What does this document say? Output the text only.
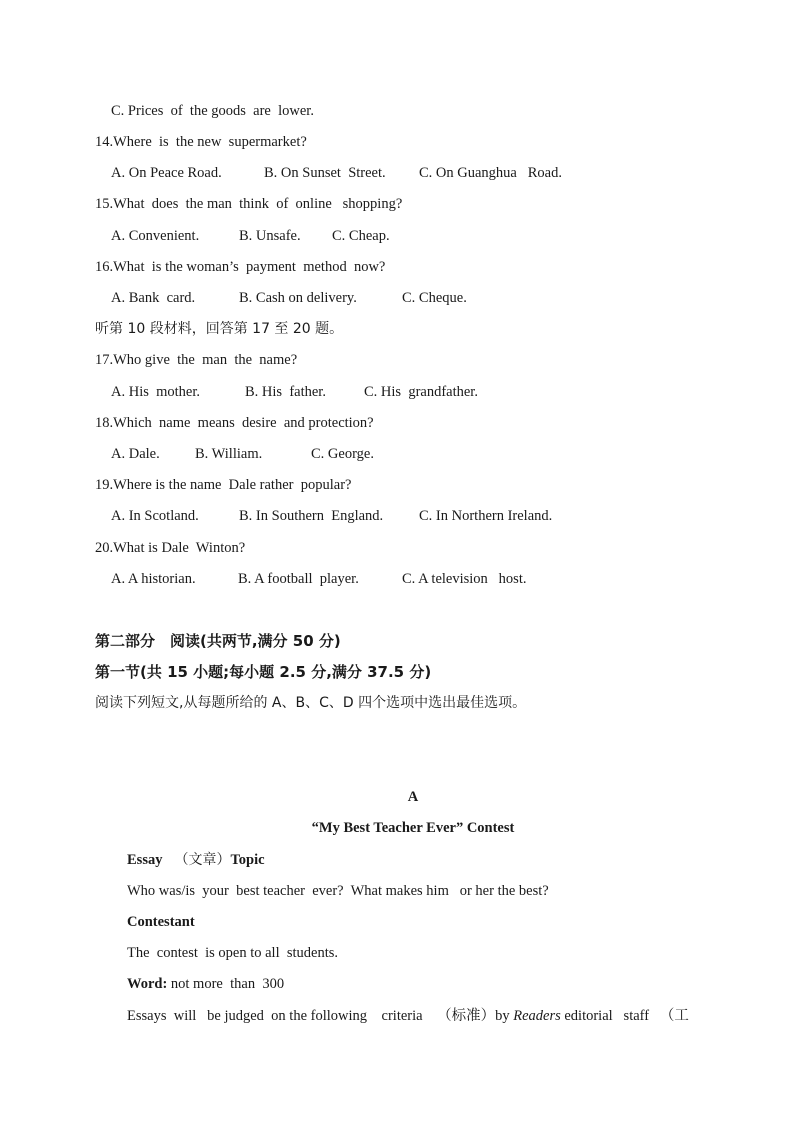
C. Prices  of  the goods  are  lower.
14.Where  is  the new  supermarket?
A. On Peace Road.	B. On Sunset  Street. C. On Guanghua   Road.
15.What  does  the man  think  of  online   shopping?
A. Convenient.	B. Unsafe. C. Cheap.
16.What  is the woman’s  payment  method  now?
A. Bank  card.	B. Cash on delivery.	C. Cheque.
听第 10 段材料，回答第 17 至 20 题。
17.Who give  the  man  the  name?
A. His  mother.	B. His  father.	C. His  grandfather.
18.Which  name  means  desire  and protection?
A. Dale. B. William.	C. George.
19.Where is the name  Dale rather  popular?
A. In Scotland.	B. In Southern  England. C. In Northern Ireland.
20.What is Dale  Winton?
A. A historian.	B. A football  player.	C. A television   host.
第二部分　阅读(共两节,满分 50 分)
第一节(共 15 小题;每小题 2.5 分,满分 37.5 分)
阅读下列短文,从每题所给的 A、B、C、D 四个选项中选出最佳选项。
A
“My Best Teacher Ever” Contest
Essay （文章）Topic
Who was/is  your  best teacher  ever?  What makes him   or her the best?
Contestant
The  contest  is open to all  students.
Word: not more  than  300
Essays  will   be judged  on the following    criteria    （标准）by Readers editorial   staff   （工
